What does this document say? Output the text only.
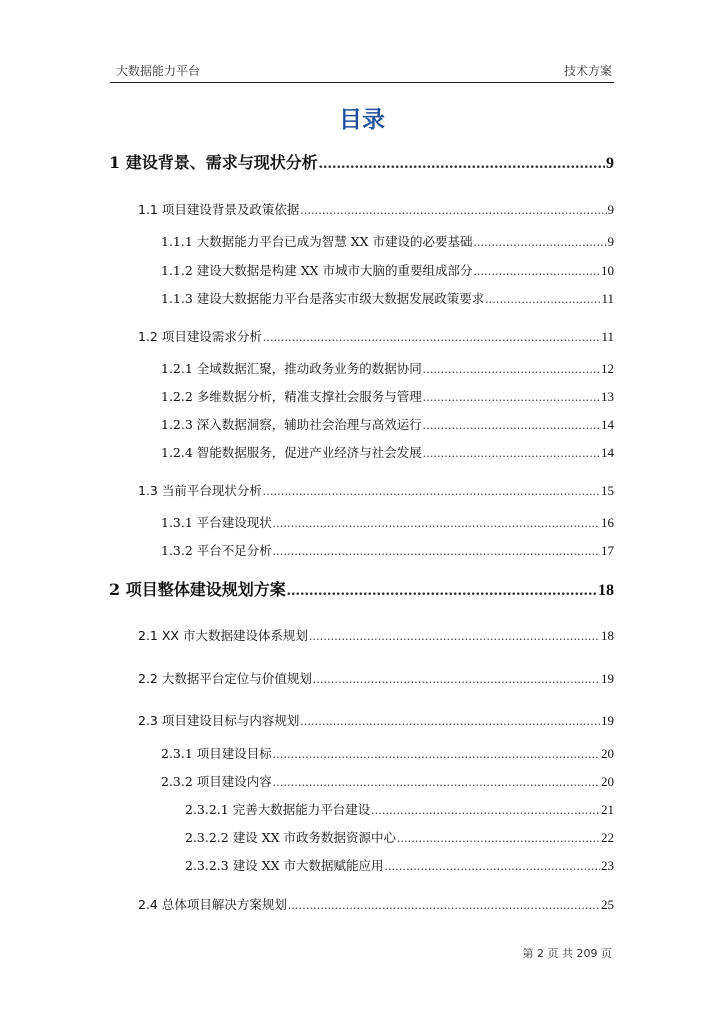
大数据能力平台	技术方案
目录
1 建设背景、需求与现状分析 .....	9
1.1 项目建设背景及政策依据 .....	9
1.1.1 大数据能力平台已成为智慧 XX 市建设的必要基础 .....	9
1.1.2 建设大数据是构建 XX 市城市大脑的重要组成部分 .....	10
1.1.3 建设大数据能力平台是落实市级大数据发展政策要求 .....	11
1.2 项目建设需求分析 .....	11
1.2.1 全域数据汇聚，推动政务业务的数据协同 .....	12
1.2.2 多维数据分析，精准支撑社会服务与管理 .....	13
1.2.3 深入数据洞察，辅助社会治理与高效运行 .....	14
1.2.4 智能数据服务，促进产业经济与社会发展 .....	14
1.3 当前平台现状分析 .....	15
1.3.1 平台建设现状 .....	16
1.3.2 平台不足分析 .....	17
2 项目整体建设规划方案 .....	18
2.1 XX 市大数据建设体系规划 .....	18
2.2 大数据平台定位与价值规划 .....	19
2.3 项目建设目标与内容规划 .....	19
2.3.1 项目建设目标 .....	20
2.3.2 项目建设内容 .....	20
2.3.2.1 完善大数据能力平台建设 .....	21
2.3.2.2 建设 XX 市政务数据资源中心 .....	22
2.3.2.3 建设 XX 市大数据赋能应用 .....	23
2.4 总体项目解决方案规划 .....	25
第 2 页 共 209 页
